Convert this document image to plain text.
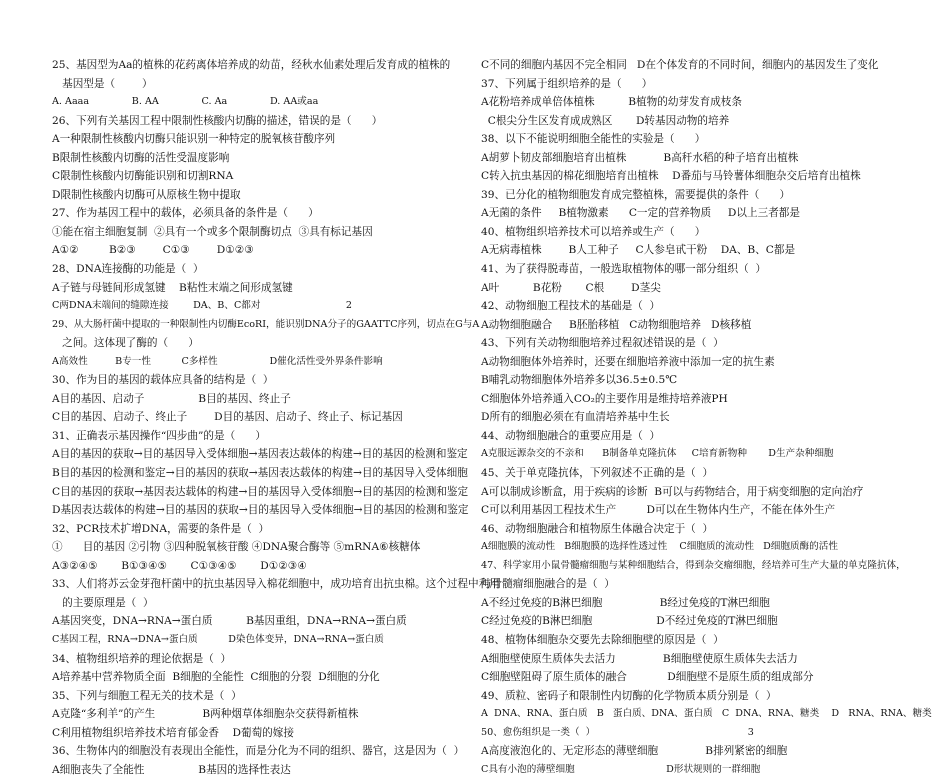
25、基因型为Aa的植株的花药离体培养成的幼苗，经秋水仙素处理后发育成的植株的
基因型是（        ）
A. Aaaa              B. AA              C. Aa              D. AA或aa
26、下列有关基因工程中限制性核酸内切酶的描述，错误的是（      ）
A一种限制性核酸内切酶只能识别一种特定的脱氧核苷酸序列
B限制性核酸内切酶的活性受温度影响
C限制性核酸内切酶能识别和切割RNA
D限制性核酸内切酶可从原核生物中提取
27、作为基因工程中的载体，必须具备的条件是（      ）
①能在宿主细胞复制  ②具有一个或多个限制酶切点  ③具有标记基因
A①②         B②③        C①③        D①②③
28、DNA连接酶的功能是（  ）
A子链与母链间形成氢键    B粘性末端之间形成氢键
C两DNA末端间的缝隙连接        DA、B、C都对                            2
29、从大肠杆菌中提取的一种限制性内切酶EcoRⅠ，能识别DNA分子的GAATTC序列，切点在G与A
之间。这体现了酶的（      ）
A高效性         B专一性          C多样性                 D催化活性受外界条件影响
30、作为目的基因的载体应具备的结构是（  ）
A目的基因、启动子                B目的基因、终止子
C目的基因、启动子、终止子        D目的基因、启动子、终止子、标记基因
31、正确表示基因操作“四步曲”的是（      ）
A目的基因的获取→目的基因导入受体细胞→基因表达载体的构建→目的基因的检测和鉴定
B目的基因的检测和鉴定→目的基因的获取→基因表达载体的构建→目的基因导入受体细胞
C目的基因的获取→基因表达载体的构建→目的基因导入受体细胞→目的基因的检测和鉴定
D基因表达载体的构建→目的基因的获取→目的基因导入受体细胞→目的基因的检测和鉴定
32、PCR技术扩增DNA，需要的条件是（  ）
①      目的基因 ②引物 ③四种脱氧核苷酸 ④DNA聚合酶等 ⑤mRNA⑥核糖体
A③②④⑤       B①③④⑤       C①③④⑤       D①②③④
33、人们将苏云金芽孢杆菌中的抗虫基因导入棉花细胞中，成功培育出抗虫棉。这个过程中利用
的主要原理是（  ）
A基因突变，DNA→RNA→蛋白质          B基因重组，DNA→RNA→蛋白质
C基因工程，RNA→DNA→蛋白质          D染色体变异，DNA→RNA→蛋白质
34、植物组织培养的理论依据是（  ）
A培养基中营养物质全面  B细胞的全能性  C细胞的分裂  D细胞的分化
35、下列与细胞工程无关的技术是（  ）
A克隆“多利羊”的产生              B两种烟草体细胞杂交获得新植株
C利用植物组织培养技术培育郁金香    D葡萄的嫁接
36、生物体内的细胞没有表现出全能性，而是分化为不同的组织、器官，这是因为（  ）
A细胞丧失了全能性                B基因的选择性表达
C不同的细胞内基因不完全相同   D在个体发育的不同时间，细胞内的基因发生了变化
37、下列属于组织培养的是（      ）
A花粉培养成单倍体植株          B植物的幼芽发育成枝条
C根尖分生区发育成成熟区       D转基因动物的培养
38、以下不能说明细胞全能性的实验是（      ）
A胡萝卜韧皮部细胞培育出植株           B高秆水稻的种子培育出植株
C转入抗虫基因的棉花细胞培育出植株    D番茄与马铃薯体细胞杂交后培育出植株
39、已分化的植物细胞发育成完整植株，需要提供的条件（      ）
A无菌的条件     B植物激素      C一定的营养物质     D以上三者都是
40、植物组织培养技术可以培养或生产（      ）
A无病毒植株        B人工种子     C人参皂甙干粉    DA、B、C都是
41、为了获得脱毒苗，一般选取植物体的哪一部分组织（  ）
A叶          B花粉       C根        D茎尖
42、动物细胞工程技术的基础是（  ）
A动物细胞融合     B胚胎移植   C动物细胞培养   D核移植
43、下列有关动物细胞培养过程叙述错误的是（  ）
A动物细胞体外培养时，还要在细胞培养液中添加一定的抗生素
B哺乳动物细胞体外培养多以36.5±0.5℃
C细胞体外培养通入CO₂的主要作用是维持培养液PH
D所有的细胞必须在有血清培养基中生长
44、动物细胞融合的重要应用是（  ）
A克服远源杂交的不亲和      B制备单克隆抗体     C培育新物种       D生产杂种细胞
45、关于单克隆抗体，下列叙述不正确的是（  ）
A可以制成诊断盒，用于疾病的诊断  B可以与药物结合，用于病变细胞的定向治疗
C可以利用基因工程技术生产         D可以在生物体内生产，不能在体外生产
46、动物细胞融合和植物原生体融合决定于（  ）
A细胞膜的流动性   B细胞膜的选择性透过性    C细胞质的流动性   D细胞质酶的活性
47、科学家用小鼠骨髓瘤细胞与某种细胞结合，得到杂交瘤细胞，经培养可生产大量的单克隆抗体，
与骨髓瘤细胞融合的是（  ）
A不经过免疫的B淋巴细胞                 B经过免疫的T淋巴细胞
C经过免疫的B淋巴细胞                   D不经过免疫的T淋巴细胞
48、植物体细胞杂交要先去除细胞壁的原因是（  ）
A细胞壁使原生质体失去活力              B细胞壁使原生质体失去活力
C细胞壁阻碍了原生质体的融合            D细胞壁不是原生质的组成部分
49、质粒、密码子和限制性内切酶的化学物质本质分别是（  ）
A  DNA、RNA、蛋白质   B   蛋白质、DNA、蛋白质   C  DNA、RNA、糖类    D   RNA、RNA、糖类
50、愈伤组织是一类（  ）                                                  3
A高度液泡化的、无定形态的薄壁细胞              B排列紧密的细胞
C具有小泡的薄壁细胞                              D形状规则的一群细胞
